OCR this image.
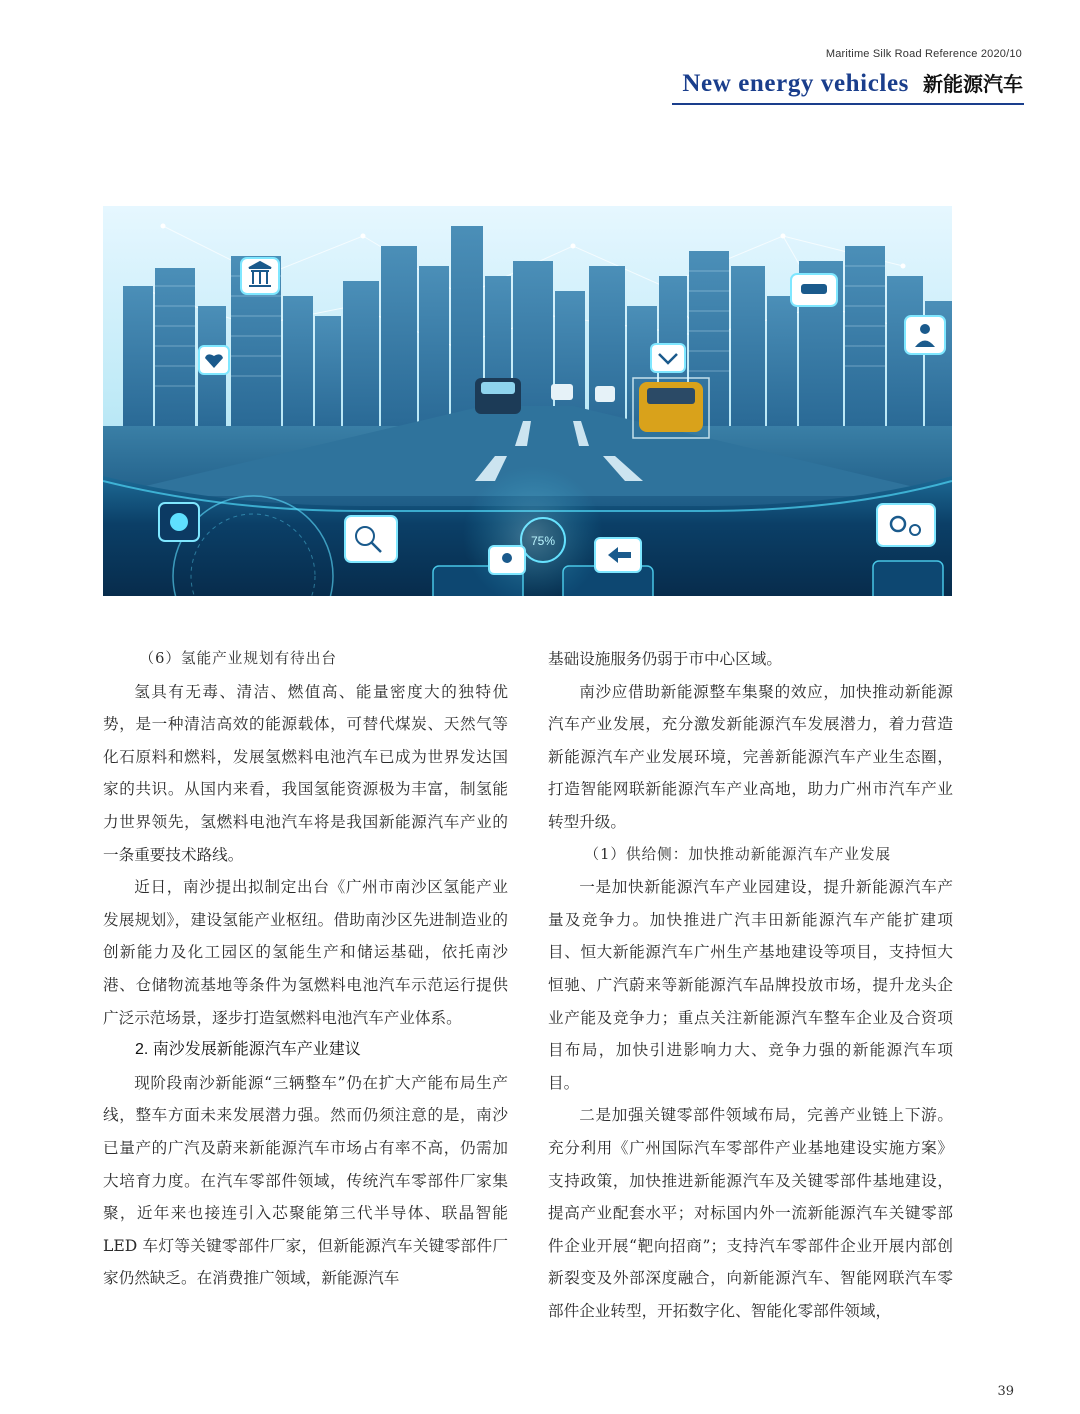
Maritime Silk Road Reference 2020/10
New energy vehicles 新能源汽车
75%

（6）氢能产业规划有待出台

氢具有无毒、清洁、燃值高、能量密度大的独特优势，是一种清洁高效的能源载体，可替代煤炭、天然气等化石原料和燃料，发展氢燃料电池汽车已成为世界发达国家的共识。从国内来看，我国氢能资源极为丰富，制氢能力世界领先，氢燃料电池汽车将是我国新能源汽车产业的一条重要技术路线。

近日，南沙提出拟制定出台《广州市南沙区氢能产业发展规划》，建设氢能产业枢纽。借助南沙区先进制造业的创新能力及化工园区的氢能生产和储运基础，依托南沙港、仓储物流基地等条件为氢燃料电池汽车示范运行提供广泛示范场景，逐步打造氢燃料电池汽车产业体系。

2. 南沙发展新能源汽车产业建议

现阶段南沙新能源“三辆整车”仍在扩大产能布局生产线，整车方面未来发展潜力强。然而仍须注意的是，南沙已量产的广汽及蔚来新能源汽车市场占有率不高，仍需加大培育力度。在汽车零部件领域，传统汽车零部件厂家集聚，近年来也接连引入芯聚能第三代半导体、联晶智能 LED 车灯等关键零部件厂家，但新能源汽车关键零部件厂家仍然缺乏。在消费推广领域，新能源汽车

基础设施服务仍弱于市中心区域。

南沙应借助新能源整车集聚的效应，加快推动新能源汽车产业发展，充分激发新能源汽车发展潜力，着力营造新能源汽车产业发展环境，完善新能源汽车产业生态圈，打造智能网联新能源汽车产业高地，助力广州市汽车产业转型升级。

（1）供给侧：加快推动新能源汽车产业发展

一是加快新能源汽车产业园建设，提升新能源汽车产量及竞争力。加快推进广汽丰田新能源汽车产能扩建项目、恒大新能源汽车广州生产基地建设等项目，支持恒大恒驰、广汽蔚来等新能源汽车品牌投放市场，提升龙头企业产能及竞争力；重点关注新能源汽车整车企业及合资项目布局，加快引进影响力大、竞争力强的新能源汽车项目。

二是加强关键零部件领域布局，完善产业链上下游。充分利用《广州国际汽车零部件产业基地建设实施方案》支持政策，加快推进新能源汽车及关键零部件基地建设，提高产业配套水平；对标国内外一流新能源汽车关键零部件企业开展“靶向招商”；支持汽车零部件企业开展内部创新裂变及外部深度融合，向新能源汽车、智能网联汽车零部件企业转型，开拓数字化、智能化零部件领域，

39
